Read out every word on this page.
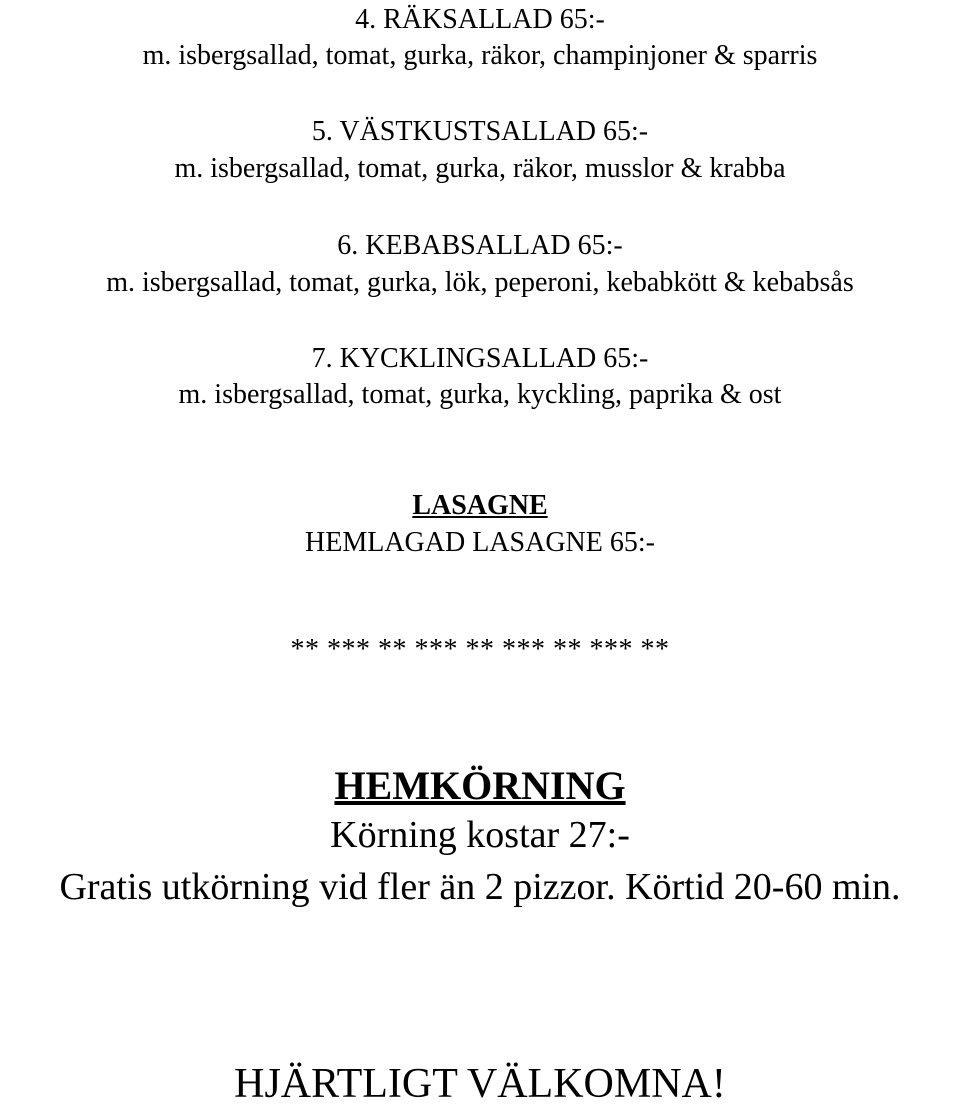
4. RÄKSALLAD 65:-
m. isbergsallad, tomat, gurka, räkor, champinjoner & sparris
5. VÄSTKUSTSALLAD 65:-
m. isbergsallad, tomat, gurka, räkor, musslor & krabba
6. KEBABSALLAD 65:-
m. isbergsallad, tomat, gurka, lök, peperoni, kebabkött & kebabsås
7. KYCKLINGSALLAD 65:-
m. isbergsallad, tomat, gurka, kyckling, paprika & ost
LASAGNE
HEMLAGAD LASAGNE 65:-
** *** ** *** ** *** ** *** **
HEMKÖRNING
Körning kostar 27:-
Gratis utkörning vid fler än 2 pizzor. Körtid 20-60 min.
HJÄRTLIGT VÄLKOMNA!
